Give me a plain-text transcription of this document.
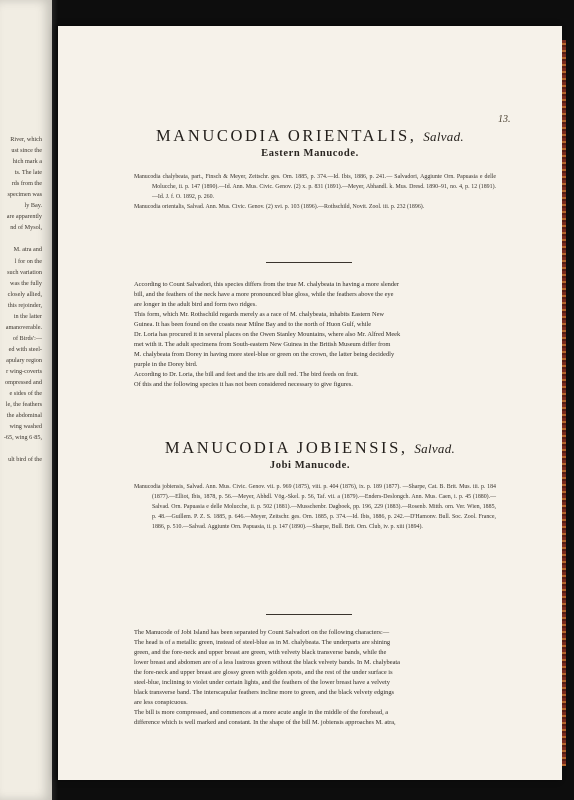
River, which
ust since the
hich mark a
ts. The late
rds from the
specimen was
ly Bay.
are apparently
nd of Mysol,

M. atra and
l for on the
such variation
was the fully
closely allied,
this rejoinder,
in the latter
amanoverable.
of Birds':—
ed with steel-
apulary region
r wing-coverts
ompressed and
e sides of the
le, the feathers
the abdominal
wing washed
-65, wing 6·85,

ult bird of the
13.
MANUCODIA ORIENTALIS, Salvad.
Eastern Manucode.

Manucodia chalybeata, part., Finsch & Meyer, Zeitschr. ges. Orn. 1885, p. 374.—Id. Ibis, 1886, p. 241.— Salvadori, Aggiunte Orn. Papuasia e delle Molucche, ii. p. 147 (1890).—Id. Ann. Mus. Civic. Genov. (2) x. p. 831 (1891).—Meyer, Abhandl. k. Mus. Dresd. 1890–91, no. 4, p. 12 (1891).—Id. J. f. O. 1892, p. 260.

Manucodia orientalis, Salvad. Ann. Mus. Civic. Genov. (2) xvi. p. 103 (1896).—Rothschild, Novit. Zool. iii. p. 232 (1896).

According to Count Salvadori, this species differs from the true M. chalybeata in having a more slender
bill, and the feathers of the neck have a more pronounced blue gloss, while the feathers above the eye
are longer in the adult bird and form two ridges.
This form, which Mr. Rothschild regards merely as a race of M. chalybeata, inhabits Eastern New
Guinea. It has been found on the coasts near Milne Bay and to the north of Huon Gulf, while
Dr. Loria has procured it in several places on the Owen Stanley Mountains, where also Mr. Alfred Meek
met with it. The adult specimens from South-eastern New Guinea in the British Museum differ from
M. chalybeata from Dorey in having more steel-blue or green on the crown, the latter being decidedly
purple in the Dorey bird.
According to Dr. Loria, the bill and feet and the iris are dull red. The bird feeds on fruit.
Of this and the following species it has not been considered necessary to give figures.
MANUCODIA JOBIENSIS, Salvad.
Jobi Manucode.

Manucodia jobiensis, Salvad. Ann. Mus. Civic. Genov. vii. p. 969 (1875), viii. p. 404 (1876), ix. p. 189 (1877). —Sharpe, Cat. B. Brit. Mus. iii. p. 184 (1877).—Elliot, Ibis, 1878, p. 56.—Meyer, Abhdl. Vög.-Skel. p. 56, Taf. vii. a (1879).—Enders-Deslongch. Ann. Mus. Caen, i. p. 45 (1880).—Salvad. Orn. Papuasia e delle Molucche, ii. p. 502 (1881).—Musschenbr. Dagboek, pp. 196, 229 (1883).—Rosenb. Mitth. orn. Ver. Wien, 1885, p. 48.—Guillem. P. Z. S. 1885, p. 646.—Meyer, Zeitschr. ges. Orn. 1885, p. 374.—Id. Ibis, 1886, p. 242.—D'Hamonv. Bull. Soc. Zool. France, 1886, p. 510.—Salvad. Aggiunte Orn. Papuasia, ii. p. 147 (1890).—Sharpe, Bull. Brit. Orn. Club, iv. p. xiii (1894).

The Manucode of Jobi Island has been separated by Count Salvadori on the following characters:—
The head is of a metallic green, instead of steel-blue as in M. chalybeata. The underparts are shining
green, and the fore-neck and upper breast are green, with velvety black transverse bands, while the
lower breast and abdomen are of a less lustrous green without the black velvety bands. In M. chalybeata
the fore-neck and upper breast are glossy green with golden spots, and the rest of the under surface is
steel-blue, inclining to violet under certain lights, and the feathers of the lower breast have a velvety
black transverse band. The interscapular feathers incline more to green, and the black velvety edgings
are less conspicuous.
The bill is more compressed, and commences at a more acute angle in the middle of the forehead, a
difference which is well marked and constant. In the shape of the bill M. jobiensis approaches M. atra,
